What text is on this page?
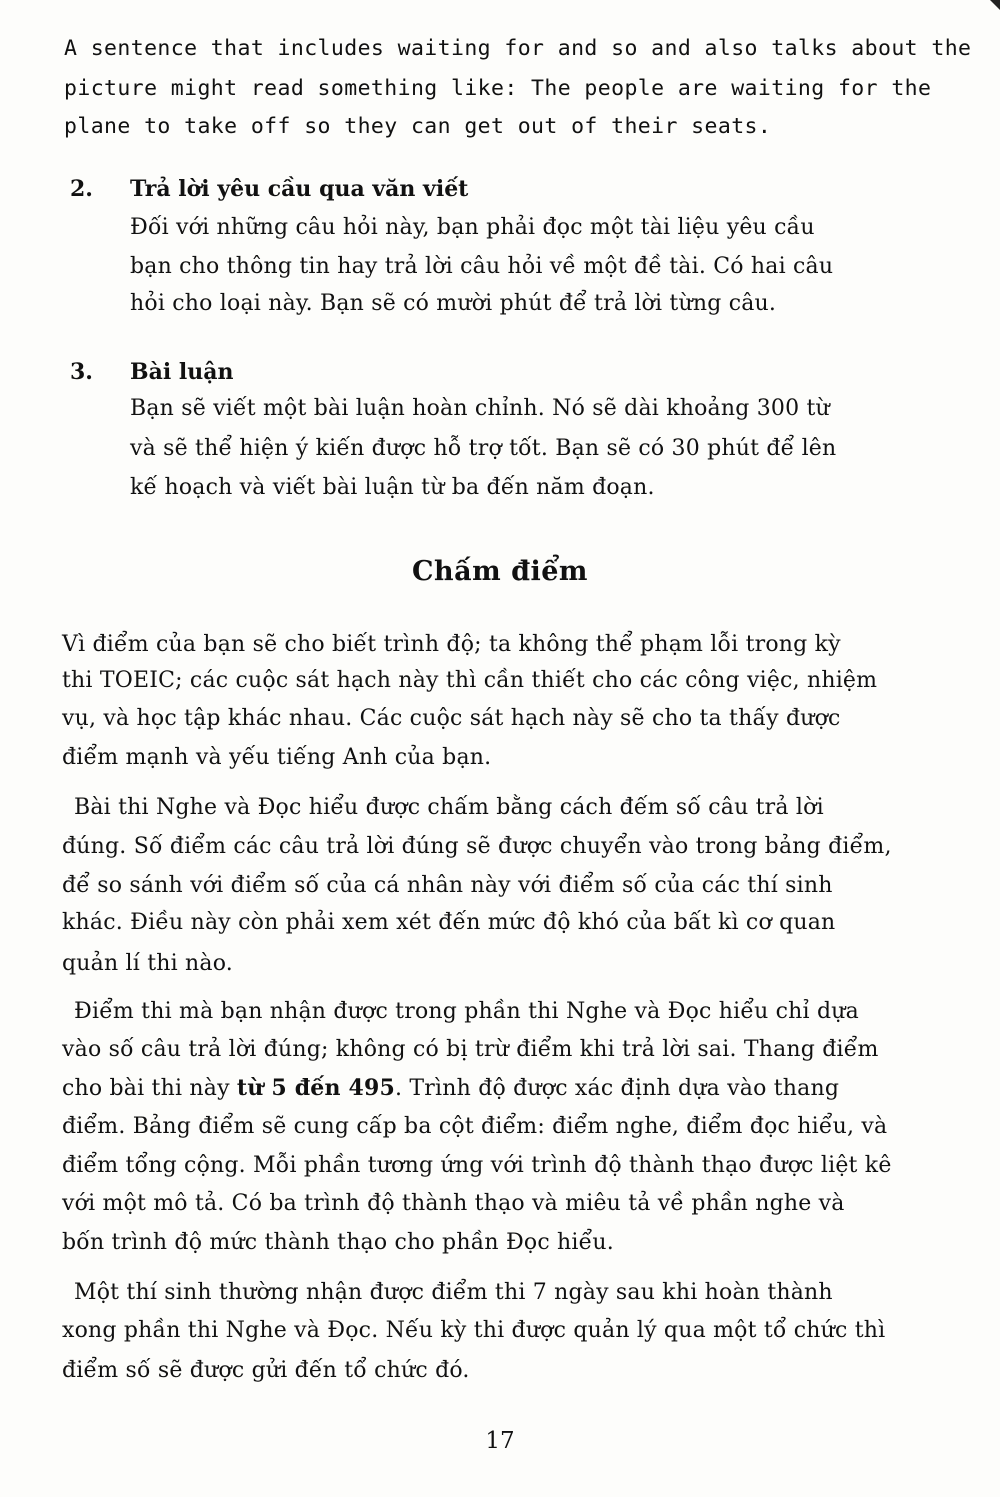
A sentence that includes waiting for and so and also talks about the
picture might read something like: The people are waiting for the
plane to take off so they can get out of their seats.
2. Trả lời yêu cầu qua văn viết
Đối với những câu hỏi này, bạn phải đọc một tài liệu yêu cầu
bạn cho thông tin hay trả lời câu hỏi về một đề tài. Có hai câu
hỏi cho loại này. Bạn sẽ có mười phút để trả lời từng câu.
3. Bài luận
Bạn sẽ viết một bài luận hoàn chỉnh. Nó sẽ dài khoảng 300 từ
và sẽ thể hiện ý kiến được hỗ trợ tốt. Bạn sẽ có 30 phút để lên
kế hoạch và viết bài luận từ ba đến năm đoạn.
Chấm điểm
Vì điểm của bạn sẽ cho biết trình độ; ta không thể phạm lỗi trong kỳ
thi TOEIC; các cuộc sát hạch này thì cần thiết cho các công việc, nhiệm
vụ, và học tập khác nhau. Các cuộc sát hạch này sẽ cho ta thấy được
điểm mạnh và yếu tiếng Anh của bạn.
Bài thi Nghe và Đọc hiểu được chấm bằng cách đếm số câu trả lời
đúng. Số điểm các câu trả lời đúng sẽ được chuyển vào trong bảng điểm,
để so sánh với điểm số của cá nhân này với điểm số của các thí sinh
khác. Điều này còn phải xem xét đến mức độ khó của bất kì cơ quan
quản lí thi nào.
Điểm thi mà bạn nhận được trong phần thi Nghe và Đọc hiểu chỉ dựa
vào số câu trả lời đúng; không có bị trừ điểm khi trả lời sai. Thang điểm
cho bài thi này từ 5 đến 495. Trình độ được xác định dựa vào thang
điểm. Bảng điểm sẽ cung cấp ba cột điểm: điểm nghe, điểm đọc hiểu, và
điểm tổng cộng. Mỗi phần tương ứng với trình độ thành thạo được liệt kê
với một mô tả. Có ba trình độ thành thạo và miêu tả về phần nghe và
bốn trình độ mức thành thạo cho phần Đọc hiểu.
Một thí sinh thường nhận được điểm thi 7 ngày sau khi hoàn thành
xong phần thi Nghe và Đọc. Nếu kỳ thi được quản lý qua một tổ chức thì
điểm số sẽ được gửi đến tổ chức đó.
17
